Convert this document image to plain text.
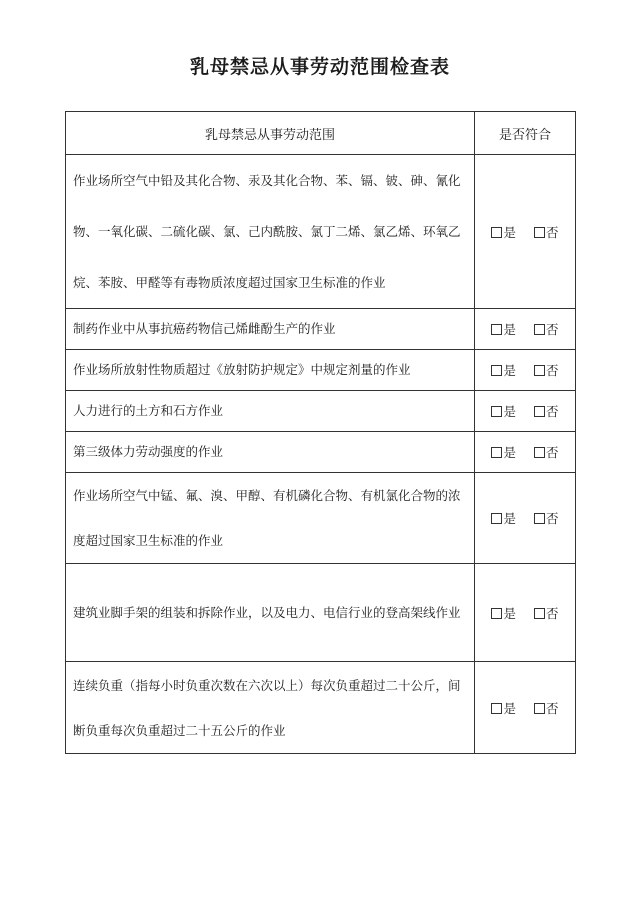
乳母禁忌从事劳动范围检查表
乳母禁忌从事劳动范围	是否符合
作业场所空气中铅及其化合物、汞及其化合物、苯、镉、铍、砷、氰化物、一氧化碳、二硫化碳、氯、己内酰胺、氯丁二烯、氯乙烯、环氧乙烷、苯胺、甲醛等有毒物质浓度超过国家卫生标准的作业	是 否
制药作业中从事抗癌药物信己烯雌酚生产的作业	是 否
作业场所放射性物质超过《放射防护规定》中规定剂量的作业	是 否
人力进行的土方和石方作业	是 否
第三级体力劳动强度的作业	是 否
作业场所空气中锰、氟、溴、甲醇、有机磷化合物、有机氯化合物的浓度超过国家卫生标准的作业	是 否
建筑业脚手架的组装和拆除作业，以及电力、电信行业的登高架线作业	是 否
连续负重（指每小时负重次数在六次以上）每次负重超过二十公斤，间断负重每次负重超过二十五公斤的作业	是 否
